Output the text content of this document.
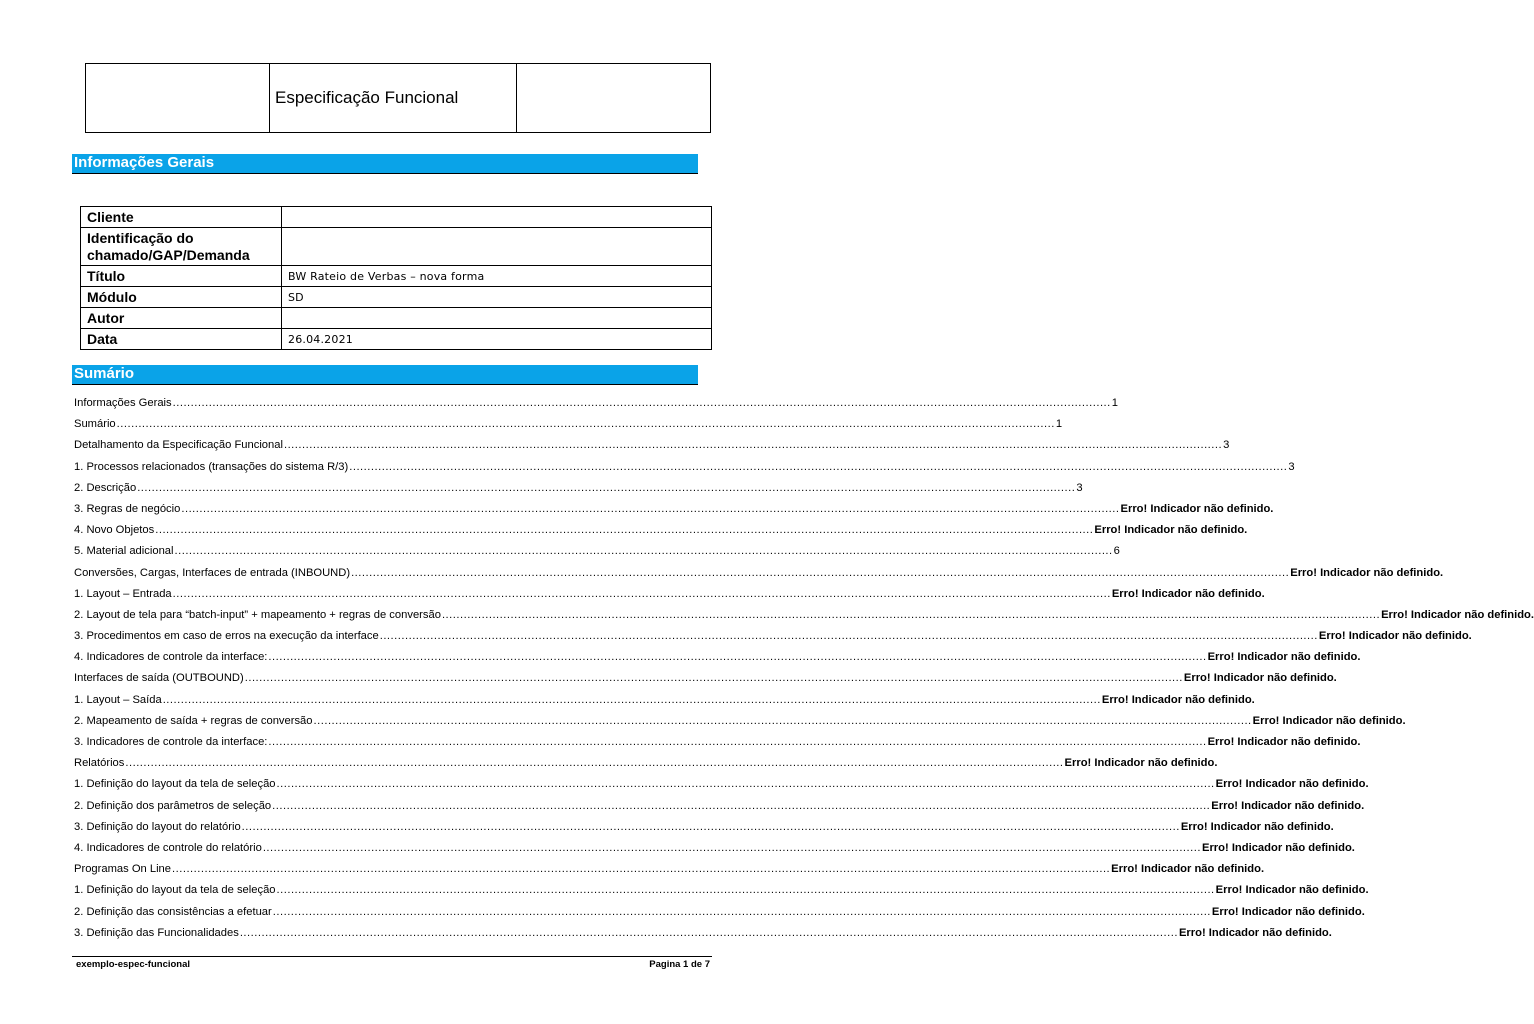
Especificação Funcional
Informações Gerais
Cliente	
Identificação do chamado/GAP/Demanda	
Título	BW Rateio de Verbas – nova forma
Módulo	SD
Autor	
Data	26.04.2021
Sumário
Informações Gerais .................................................................................................................................................................................................................................................................... 1
Sumário .................................................................................................................................................................................................................................................................... 1
Detalhamento da Especificação Funcional .................................................................................................................................................................................................................................................................... 3
1. Processos relacionados (transações do sistema R/3) .................................................................................................................................................................................................................................................................... 3
2. Descrição .................................................................................................................................................................................................................................................................... 3
3. Regras de negócio .................................................................................................................................................................................................................................................................... Erro! Indicador não definido.
4. Novo Objetos .................................................................................................................................................................................................................................................................... Erro! Indicador não definido.
5. Material adicional .................................................................................................................................................................................................................................................................... 6
Conversões, Cargas, Interfaces de entrada (INBOUND) .................................................................................................................................................................................................................................................................... Erro! Indicador não definido.
1. Layout – Entrada .................................................................................................................................................................................................................................................................... Erro! Indicador não definido.
2. Layout de tela para “batch-input” + mapeamento + regras de conversão .................................................................................................................................................................................................................................................................... Erro! Indicador não definido.
3. Procedimentos em caso de erros na execução da interface .................................................................................................................................................................................................................................................................... Erro! Indicador não definido.
4. Indicadores de controle da interface: .................................................................................................................................................................................................................................................................... Erro! Indicador não definido.
Interfaces de saída (OUTBOUND) .................................................................................................................................................................................................................................................................... Erro! Indicador não definido.
1. Layout – Saída .................................................................................................................................................................................................................................................................... Erro! Indicador não definido.
2. Mapeamento de saída + regras de conversão .................................................................................................................................................................................................................................................................... Erro! Indicador não definido.
3. Indicadores de controle da interface: .................................................................................................................................................................................................................................................................... Erro! Indicador não definido.
Relatórios .................................................................................................................................................................................................................................................................... Erro! Indicador não definido.
1. Definição do layout da tela de seleção .................................................................................................................................................................................................................................................................... Erro! Indicador não definido.
2. Definição dos parâmetros de seleção .................................................................................................................................................................................................................................................................... Erro! Indicador não definido.
3. Definição do layout do relatório .................................................................................................................................................................................................................................................................... Erro! Indicador não definido.
4. Indicadores de controle do relatório .................................................................................................................................................................................................................................................................... Erro! Indicador não definido.
Programas On Line .................................................................................................................................................................................................................................................................... Erro! Indicador não definido.
1. Definição do layout da tela de seleção .................................................................................................................................................................................................................................................................... Erro! Indicador não definido.
2. Definição das consistências a efetuar .................................................................................................................................................................................................................................................................... Erro! Indicador não definido.
3. Definição das Funcionalidades .................................................................................................................................................................................................................................................................... Erro! Indicador não definido.
exemplo-espec-funcional	Pagina 1 de 7
